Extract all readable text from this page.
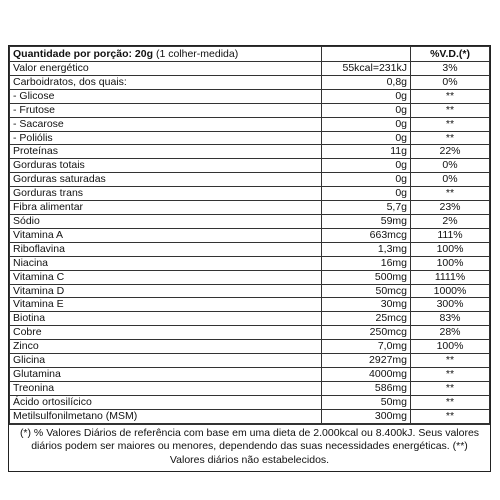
Quantidade por porção: 20g (1 colher-medida)		%V.D.(*)
Valor energético	55kcal=231kJ	3%
Carboidratos, dos quais:	0,8g	0%
- Glicose	0g	**
- Frutose	0g	**
- Sacarose	0g	**
- Poliólis	0g	**
Proteínas	11g	22%
Gorduras totais	0g	0%
Gorduras saturadas	0g	0%
Gorduras trans	0g	**
Fibra alimentar	5,7g	23%
Sódio	59mg	2%
Vitamina A	663mcg	111%
Riboflavina	1,3mg	100%
Niacina	16mg	100%
Vitamina C	500mg	1111%
Vitamina D	50mcg	1000%
Vitamina E	30mg	300%
Biotina	25mcg	83%
Cobre	250mcg	28%
Zinco	7,0mg	100%
Glicina	2927mg	**
Glutamina	4000mg	**
Treonina	586mg	**
Ácido ortosilícico	50mg	**
Metilsulfonilmetano (MSM)	300mg	**
(*) % Valores Diários de referência com base em uma dieta de 2.000kcal ou 8.400kJ. Seus valores diários podem ser maiores ou menores, dependendo das suas necessidades energéticas. (**) Valores diários não estabelecidos.
